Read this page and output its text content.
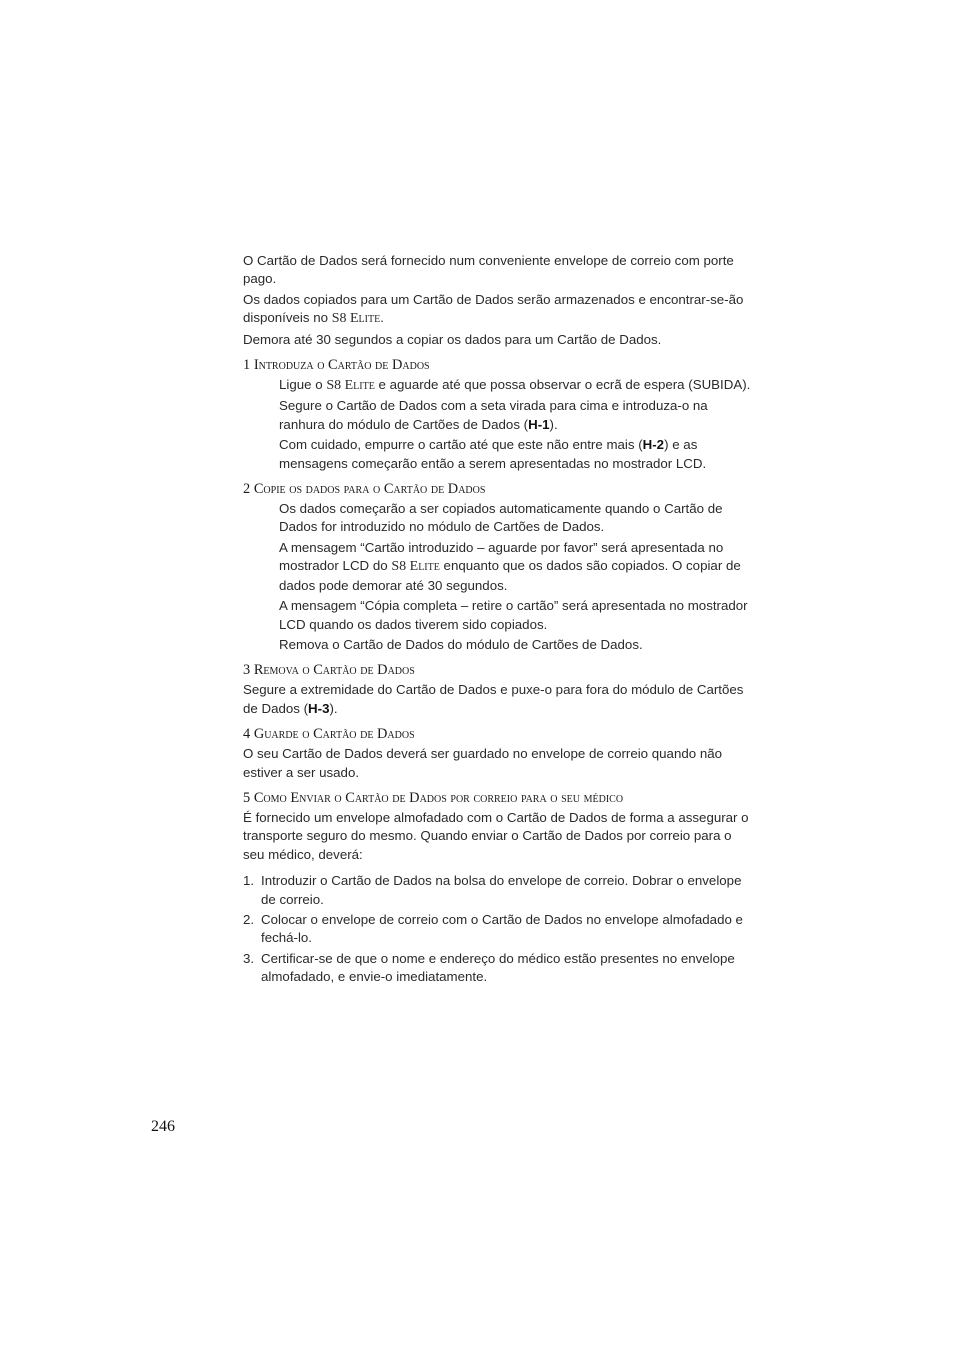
O Cartão de Dados será fornecido num conveniente envelope de correio com porte pago.

Os dados copiados para um Cartão de Dados serão armazenados e encontrar-se-ão disponíveis no S8 Elite.

Demora até 30 segundos a copiar os dados para um Cartão de Dados.

1 Introduza o Cartão de Dados

Ligue o S8 Elite e aguarde até que possa observar o ecrã de espera (SUBIDA).

Segure o Cartão de Dados com a seta virada para cima e introduza-o na ranhura do módulo de Cartões de Dados (H-1).

Com cuidado, empurre o cartão até que este não entre mais (H-2) e as mensagens começarão então a serem apresentadas no mostrador LCD.

2 Copie os dados para o Cartão de Dados

Os dados começarão a ser copiados automaticamente quando o Cartão de Dados for introduzido no módulo de Cartões de Dados.

A mensagem “Cartão introduzido – aguarde por favor” será apresentada no mostrador LCD do S8 Elite enquanto que os dados são copiados. O copiar de dados pode demorar até 30 segundos.

A mensagem “Cópia completa – retire o cartão” será apresentada no mostrador LCD quando os dados tiverem sido copiados.

Remova o Cartão de Dados do módulo de Cartões de Dados.

3 Remova o Cartão de Dados

Segure a extremidade do Cartão de Dados e puxe-o para fora do módulo de Cartões de Dados (H-3).

4 Guarde o Cartão de Dados

O seu Cartão de Dados deverá ser guardado no envelope de correio quando não estiver a ser usado.

5 Como Enviar o Cartão de Dados por correio para o seu médico

É fornecido um envelope almofadado com o Cartão de Dados de forma a assegurar o transporte seguro do mesmo. Quando enviar o Cartão de Dados por correio para o seu médico, deverá:

1. Introduzir o Cartão de Dados na bolsa do envelope de correio. Dobrar o envelope de correio.
2. Colocar o envelope de correio com o Cartão de Dados no envelope almofadado e fechá-lo.
3. Certificar-se de que o nome e endereço do médico estão presentes no envelope almofadado, e envie-o imediatamente.
246
